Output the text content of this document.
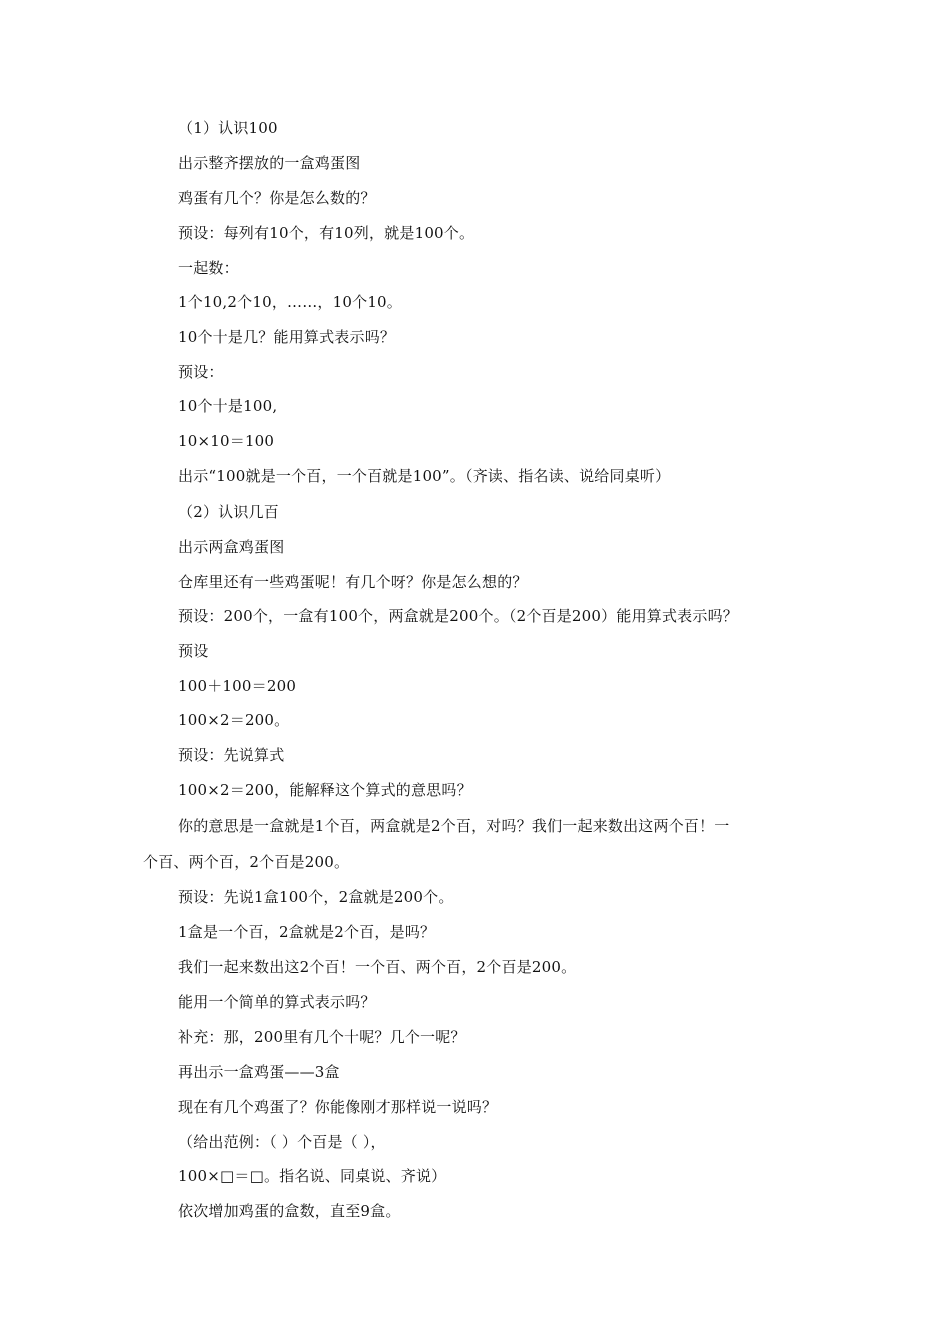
（1）认识100
出示整齐摆放的一盒鸡蛋图
鸡蛋有几个？你是怎么数的？
预设：每列有10个，有10列，就是100个。
一起数：
1个10,2个10，……，10个10。
10个十是几？能用算式表示吗？
预设：
10个十是100,
10×10＝100
出示“100就是一个百，一个百就是100”。（齐读、指名读、说给同桌听）
（2）认识几百
出示两盒鸡蛋图
仓库里还有一些鸡蛋呢！有几个呀？你是怎么想的？
预设：200个，一盒有100个，两盒就是200个。（2个百是200）能用算式表示吗？
预设
100＋100＝200
100×2＝200。
预设：先说算式
100×2＝200，能解释这个算式的意思吗？
你的意思是一盒就是1个百，两盒就是2个百，对吗？我们一起来数出这两个百！一
个百、两个百，2个百是200。
预设：先说1盒100个，2盒就是200个。
1盒是一个百，2盒就是2个百，是吗？
我们一起来数出这2个百！一个百、两个百，2个百是200。
能用一个简单的算式表示吗？
补充：那，200里有几个十呢？几个一呢？
再出示一盒鸡蛋——3盒
现在有几个鸡蛋了？你能像刚才那样说一说吗？
（给出范例：（ ）个百是（ ），
100×□＝□。指名说、同桌说、齐说）
依次增加鸡蛋的盒数，直至9盒。
